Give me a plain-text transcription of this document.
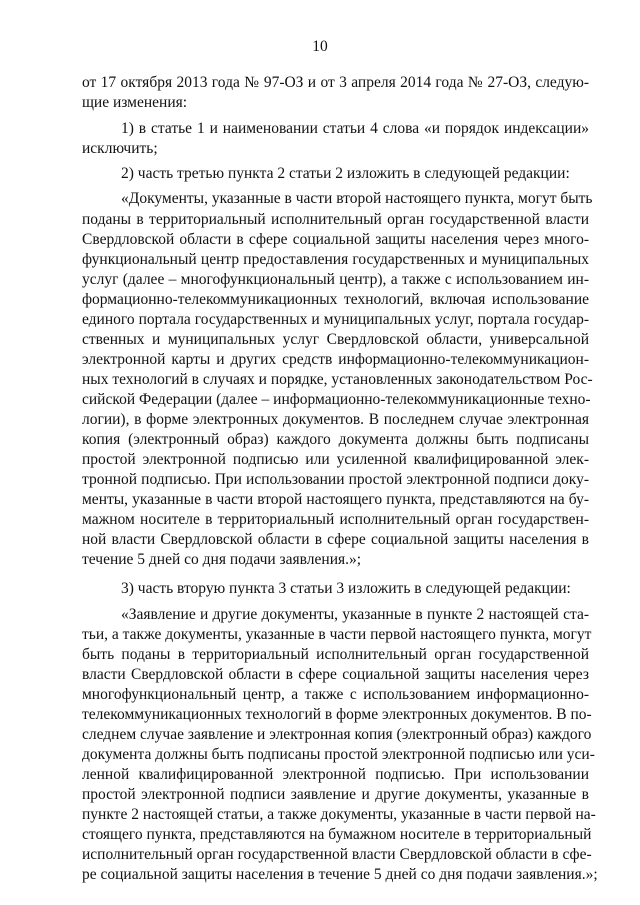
10
от 17 октября 2013 года № 97-ОЗ и от 3 апреля 2014 года № 27-ОЗ, следую-
щие изменения:
1) в статье 1 и наименовании статьи 4 слова «и порядок индексации»
исключить;
2) часть третью пункта 2 статьи 2 изложить в следующей редакции:
«Документы, указанные в части второй настоящего пункта, могут быть
поданы в территориальный исполнительный орган государственной власти
Свердловской области в сфере социальной защиты населения через много-
функциональный центр предоставления государственных и муниципальных
услуг (далее – многофункциональный центр), а также с использованием ин-
формационно-телекоммуникационных технологий, включая использование
единого портала государственных и муниципальных услуг, портала государ-
ственных и муниципальных услуг Свердловской области, универсальной
электронной карты и других средств информационно-телекоммуникацион-
ных технологий в случаях и порядке, установленных законодательством Рос-
сийской Федерации (далее – информационно-телекоммуникационные техно-
логии), в форме электронных документов. В последнем случае электронная
копия (электронный образ) каждого документа должны быть подписаны
простой электронной подписью или усиленной квалифицированной элек-
тронной подписью. При использовании простой электронной подписи доку-
менты, указанные в части второй настоящего пункта, представляются на бу-
мажном носителе в территориальный исполнительный орган государствен-
ной власти Свердловской области в сфере социальной защиты населения в
течение 5 дней со дня подачи заявления.»;
3) часть вторую пункта 3 статьи 3 изложить в следующей редакции:
«Заявление и другие документы, указанные в пункте 2 настоящей ста-
тьи, а также документы, указанные в части первой настоящего пункта, могут
быть поданы в территориальный исполнительный орган государственной
власти Свердловской области в сфере социальной защиты населения через
многофункциональный центр, а также с использованием информационно-
телекоммуникационных технологий в форме электронных документов. В по-
следнем случае заявление и электронная копия (электронный образ) каждого
документа должны быть подписаны простой электронной подписью или уси-
ленной квалифицированной электронной подписью. При использовании
простой электронной подписи заявление и другие документы, указанные в
пункте 2 настоящей статьи, а также документы, указанные в части первой на-
стоящего пункта, представляются на бумажном носителе в территориальный
исполнительный орган государственной власти Свердловской области в сфе-
ре социальной защиты населения в течение 5 дней со дня подачи заявления.»;
